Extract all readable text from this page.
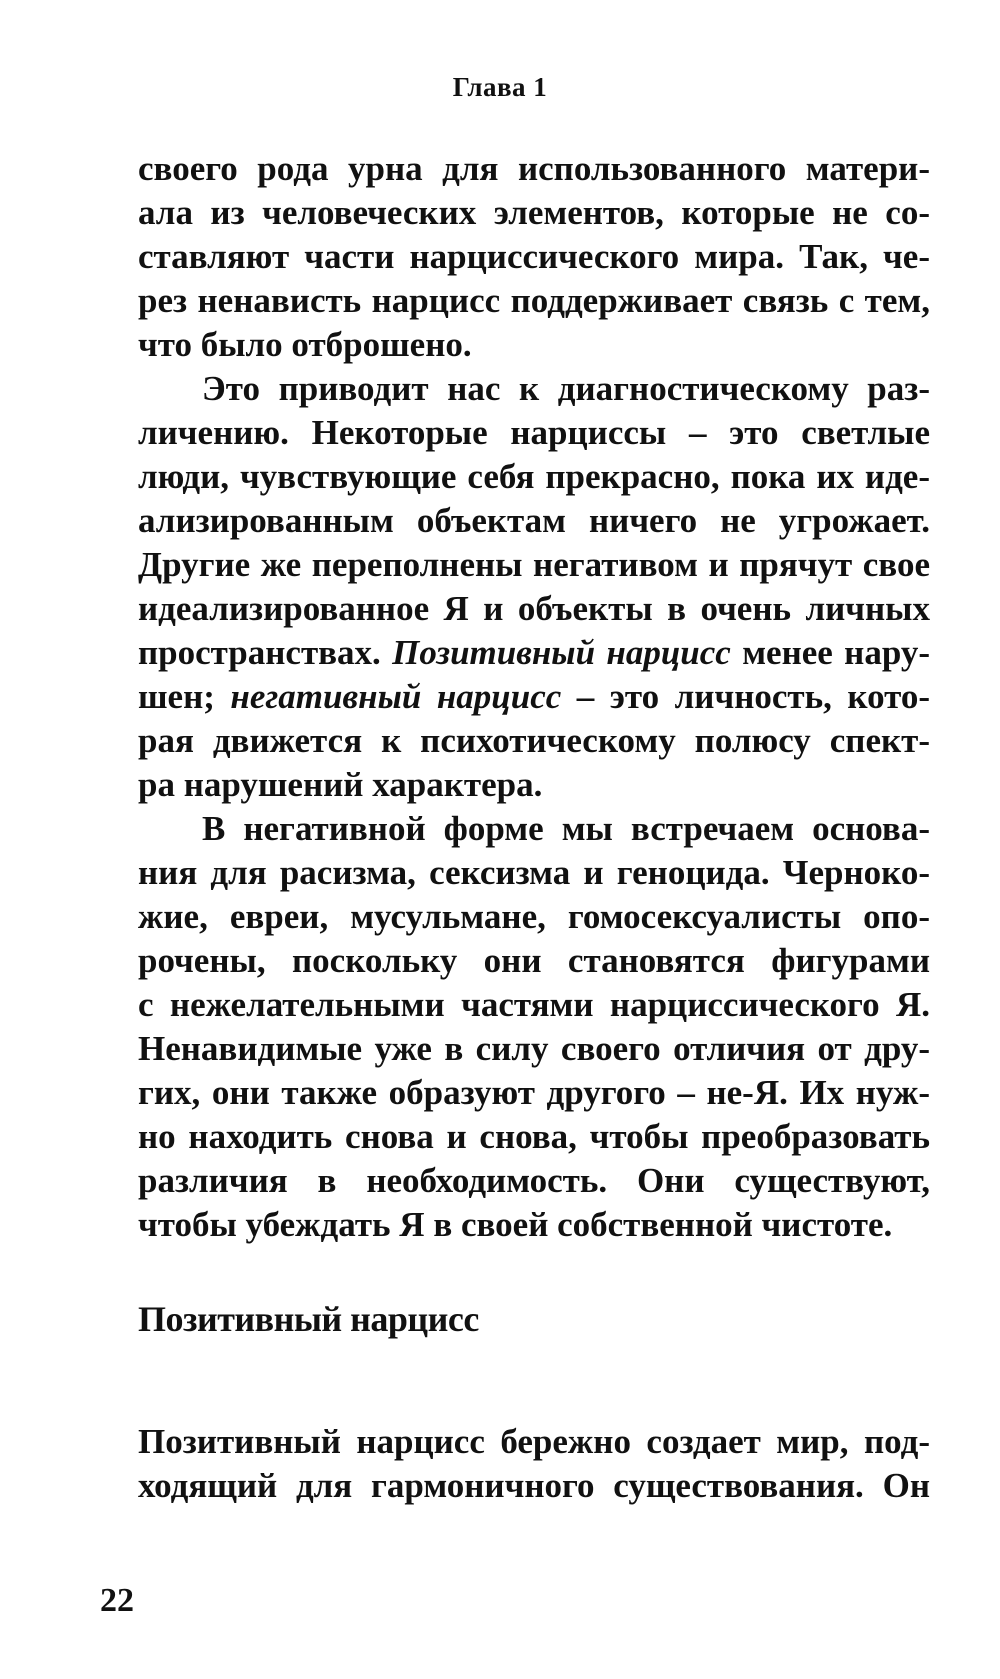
Глава 1

своего рода урна для использованного матери-
ала из человеческих элементов, которые не со-
ставляют части нарциссического мира. Так, че-
рез ненависть нарцисс поддерживает связь с тем,
что было отброшено.

Это приводит нас к диагностическому раз-
личению. Некоторые нарциссы – это светлые
люди, чувствующие себя прекрасно, пока их иде-
ализированным объектам ничего не угрожает.
Другие же переполнены негативом и прячут свое
идеализированное Я и объекты в очень личных
пространствах. Позитивный нарцисс менее нару-
шен; негативный нарцисс – это личность, кото-
рая движется к психотическому полюсу спект-
ра нарушений характера.

В негативной форме мы встречаем основа-
ния для расизма, сексизма и геноцида. Черноко-
жие, евреи, мусульмане, гомосексуалисты опо-
рочены, поскольку они становятся фигурами
с нежелательными частями нарциссического Я.
Ненавидимые уже в силу своего отличия от дру-
гих, они также образуют другого – не-Я. Их нуж-
но находить снова и снова, чтобы преобразовать
различия в необходимость. Они существуют,
чтобы убеждать Я в своей собственной чистоте.

Позитивный нарцисс

Позитивный нарцисс бережно создает мир, под-
ходящий для гармоничного существования. Он

22
